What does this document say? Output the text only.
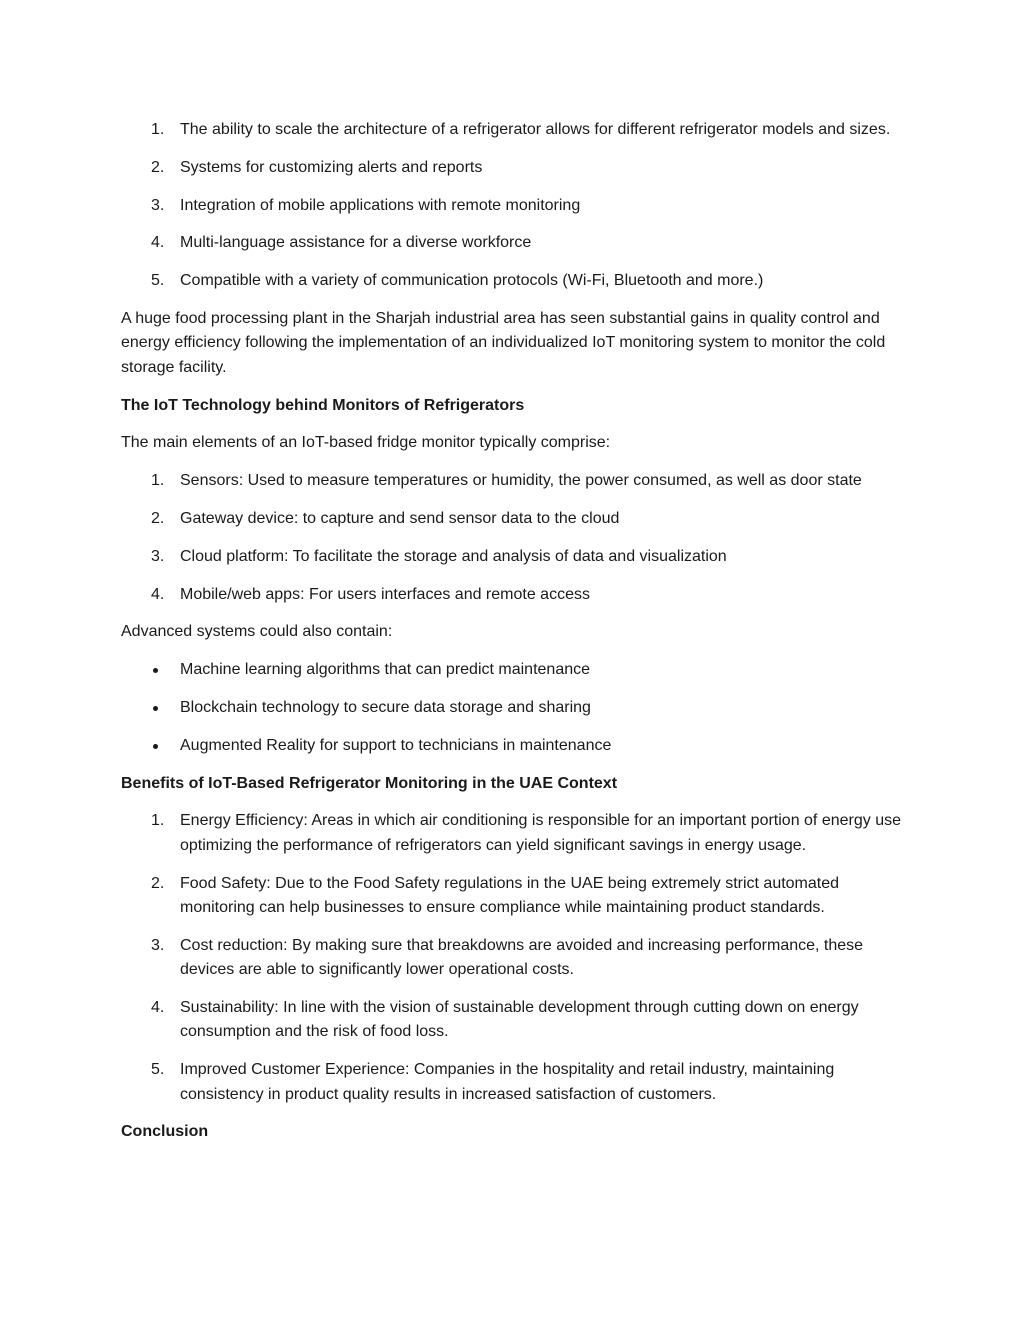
1. The ability to scale the architecture of a refrigerator allows for different refrigerator models and sizes.
2. Systems for customizing alerts and reports
3. Integration of mobile applications with remote monitoring
4. Multi-language assistance for a diverse workforce
5. Compatible with a variety of communication protocols (Wi-Fi, Bluetooth and more.)

A huge food processing plant in the Sharjah industrial area has seen substantial gains in quality control and energy efficiency following the implementation of an individualized IoT monitoring system to monitor the cold storage facility.

The IoT Technology behind Monitors of Refrigerators

The main elements of an IoT-based fridge monitor typically comprise:

1. Sensors: Used to measure temperatures or humidity, the power consumed, as well as door state
2. Gateway device: to capture and send sensor data to the cloud
3. Cloud platform: To facilitate the storage and analysis of data and visualization
4. Mobile/web apps: For users interfaces and remote access

Advanced systems could also contain:

Machine learning algorithms that can predict maintenance
Blockchain technology to secure data storage and sharing
Augmented Reality for support to technicians in maintenance

Benefits of IoT-Based Refrigerator Monitoring in the UAE Context

1. Energy Efficiency: Areas in which air conditioning is responsible for an important portion of energy use optimizing the performance of refrigerators can yield significant savings in energy usage.
2. Food Safety: Due to the Food Safety regulations in the UAE being extremely strict automated monitoring can help businesses to ensure compliance while maintaining product standards.
3. Cost reduction: By making sure that breakdowns are avoided and increasing performance, these devices are able to significantly lower operational costs.
4. Sustainability: In line with the vision of sustainable development through cutting down on energy consumption and the risk of food loss.
5. Improved Customer Experience: Companies in the hospitality and retail industry, maintaining consistency in product quality results in increased satisfaction of customers.

Conclusion
